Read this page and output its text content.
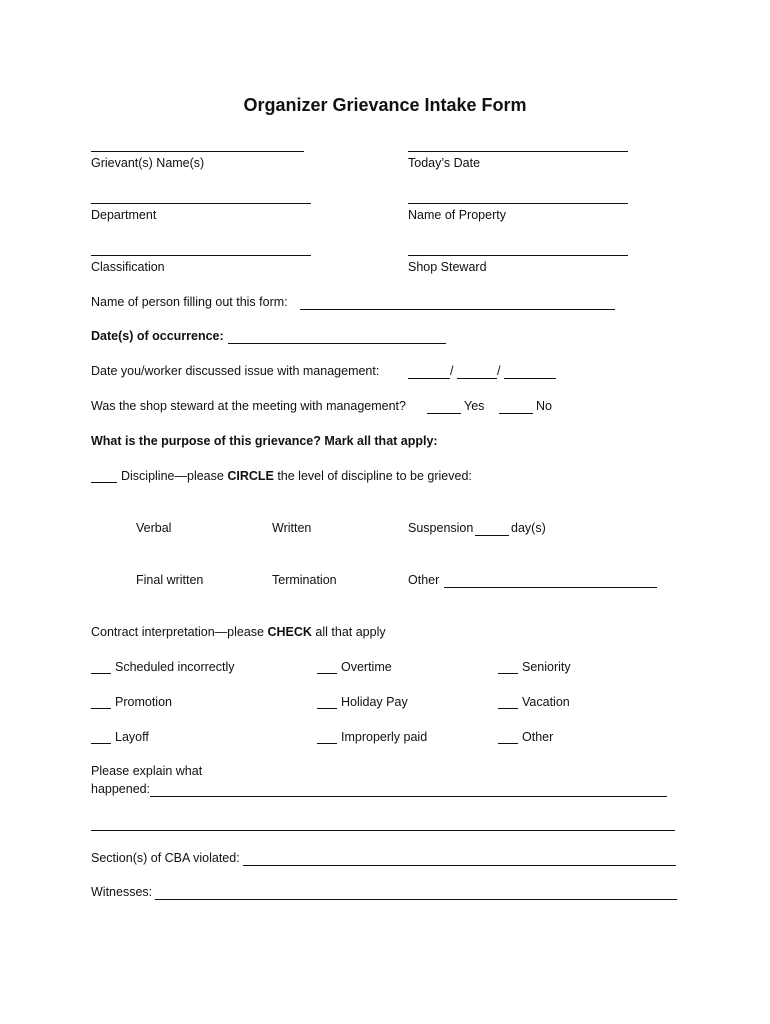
Organizer Grievance Intake Form
Grievant(s) Name(s)	Today’s Date
Department	Name of Property
Classification	Shop Steward
Name of person filling out this form:
Date(s) of occurrence:
Date you/worker discussed issue with management:	/	/
Was the shop steward at the meeting with management?	Yes	No
What is the purpose of this grievance? Mark all that apply:
Discipline—please CIRCLE the level of discipline to be grieved:
Verbal	Written	Suspension	day(s)
Final written	Termination	Other
Contract interpretation—please CHECK all that apply
Scheduled incorrectly	Overtime	Seniority
Promotion	Holiday Pay	Vacation
Layoff	Improperly paid	Other
Please explain what
happened:
Section(s) of CBA violated:
Witnesses:
